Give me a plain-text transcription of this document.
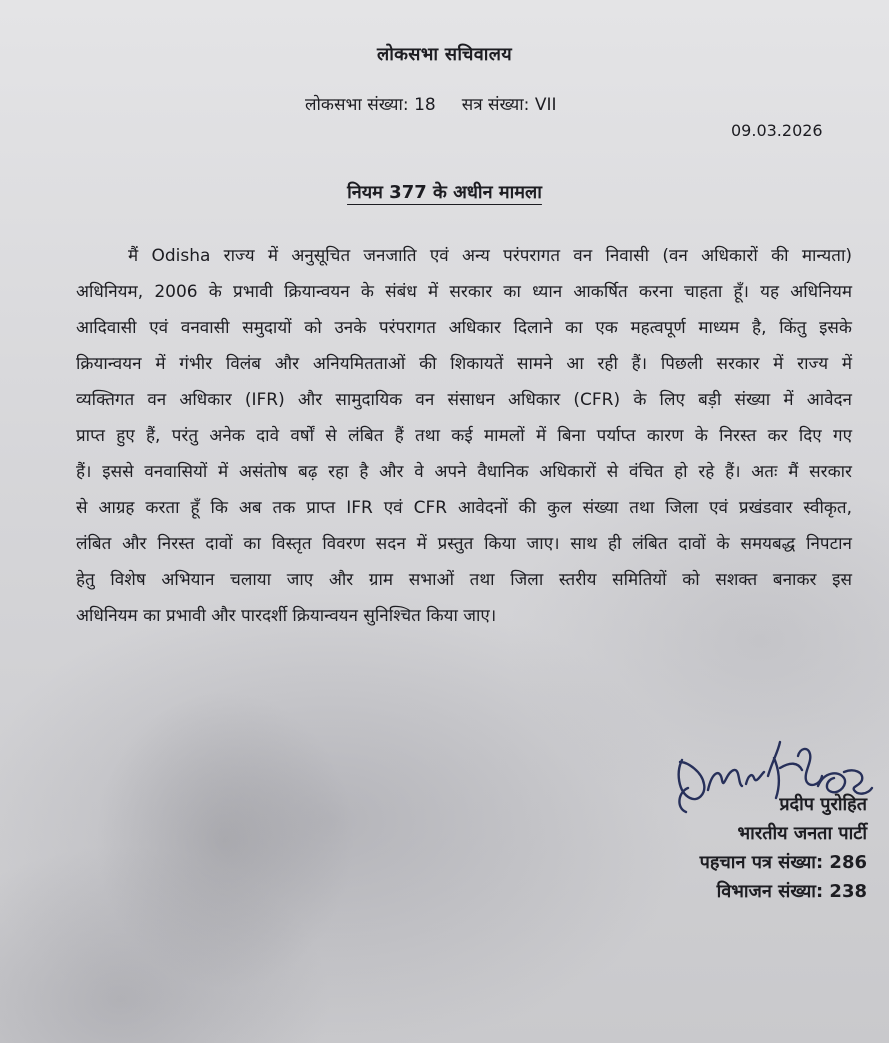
लोकसभा सचिवालय
लोकसभा संख्या: 18 सत्र संख्या: VII
09.03.2026
नियम 377 के अधीन मामला
मैं Odisha राज्य में अनुसूचित जनजाति एवं अन्य परंपरागत वन निवासी (वन अधिकारों की मान्यता)
अधिनियम, 2006 के प्रभावी क्रियान्वयन के संबंध में सरकार का ध्यान आकर्षित करना चाहता हूँ। यह अधिनियम
आदिवासी एवं वनवासी समुदायों को उनके परंपरागत अधिकार दिलाने का एक महत्वपूर्ण माध्यम है, किंतु इसके
क्रियान्वयन में गंभीर विलंब और अनियमितताओं की शिकायतें सामने आ रही हैं। पिछली सरकार में राज्य में
व्यक्तिगत वन अधिकार (IFR) और सामुदायिक वन संसाधन अधिकार (CFR) के लिए बड़ी संख्या में आवेदन
प्राप्त हुए हैं, परंतु अनेक दावे वर्षों से लंबित हैं तथा कई मामलों में बिना पर्याप्त कारण के निरस्त कर दिए गए
हैं। इससे वनवासियों में असंतोष बढ़ रहा है और वे अपने वैधानिक अधिकारों से वंचित हो रहे हैं। अतः मैं सरकार
से आग्रह करता हूँ कि अब तक प्राप्त IFR एवं CFR आवेदनों की कुल संख्या तथा जिला एवं प्रखंडवार स्वीकृत,
लंबित और निरस्त दावों का विस्तृत विवरण सदन में प्रस्तुत किया जाए। साथ ही लंबित दावों के समयबद्ध निपटान
हेतु विशेष अभियान चलाया जाए और ग्राम सभाओं तथा जिला स्तरीय समितियों को सशक्त बनाकर इस
अधिनियम का प्रभावी और पारदर्शी क्रियान्वयन सुनिश्चित किया जाए।
प्रदीप पुरोहित
भारतीय जनता पार्टी
पहचान पत्र संख्या: 286
विभाजन संख्या: 238
